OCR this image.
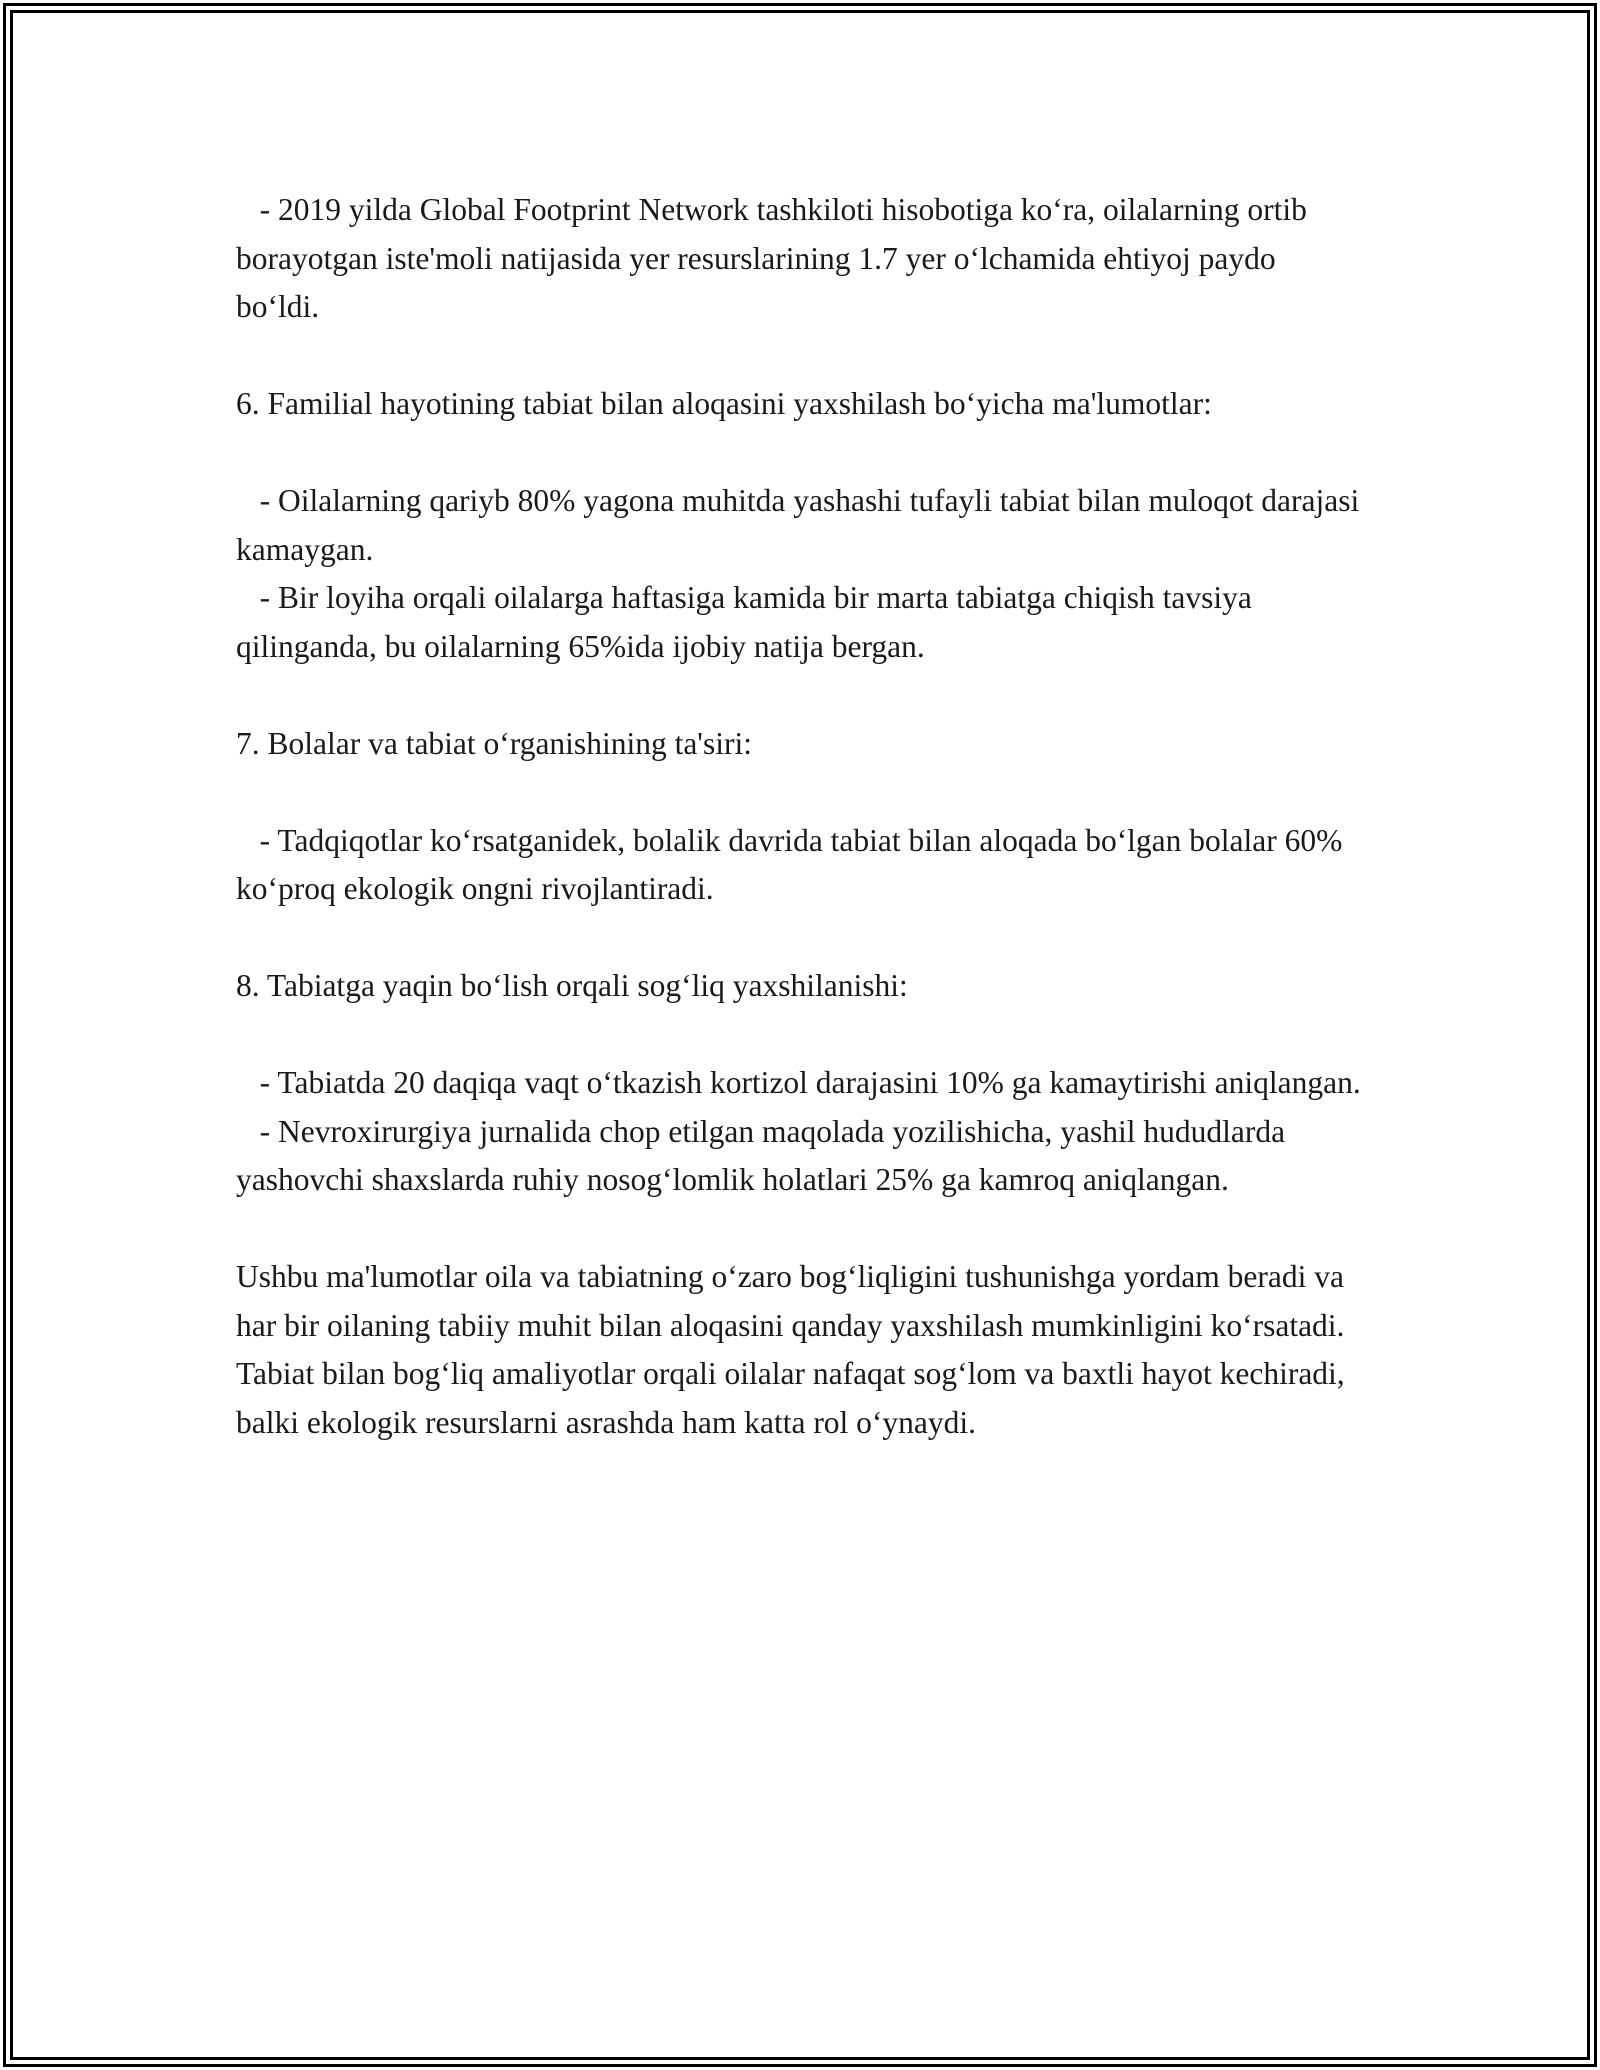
- 2019 yilda Global Footprint Network tashkiloti hisobotiga koʻra, oilalarning ortib borayotgan iste'moli natijasida yer resurslarining 1.7 yer oʻlchamida ehtiyoj paydo boʻldi.

6. Familial hayotining tabiat bilan aloqasini yaxshilash boʻyicha ma'lumotlar:

- Oilalarning qariyb 80% yagona muhitda yashashi tufayli tabiat bilan muloqot darajasi kamaygan.

- Bir loyiha orqali oilalarga haftasiga kamida bir marta tabiatga chiqish tavsiya qilinganda, bu oilalarning 65%ida ijobiy natija bergan.

7. Bolalar va tabiat oʻrganishining ta'siri:

- Tadqiqotlar koʻrsatganidek, bolalik davrida tabiat bilan aloqada boʻlgan bolalar 60% koʻproq ekologik ongni rivojlantiradi.

8. Tabiatga yaqin boʻlish orqali sogʻliq yaxshilanishi:

- Tabiatda 20 daqiqa vaqt oʻtkazish kortizol darajasini 10% ga kamaytirishi aniqlangan.

- Nevroxirurgiya jurnalida chop etilgan maqolada yozilishicha, yashil hududlarda yashovchi shaxslarda ruhiy nosogʻlomlik holatlari 25% ga kamroq aniqlangan.

Ushbu ma'lumotlar oila va tabiatning oʻzaro bogʻliqligini tushunishga yordam beradi va har bir oilaning tabiiy muhit bilan aloqasini qanday yaxshilash mumkinligini koʻrsatadi. Tabiat bilan bogʻliq amaliyotlar orqali oilalar nafaqat sogʻlom va baxtli hayot kechiradi, balki ekologik resurslarni asrashda ham katta rol oʻynaydi.
